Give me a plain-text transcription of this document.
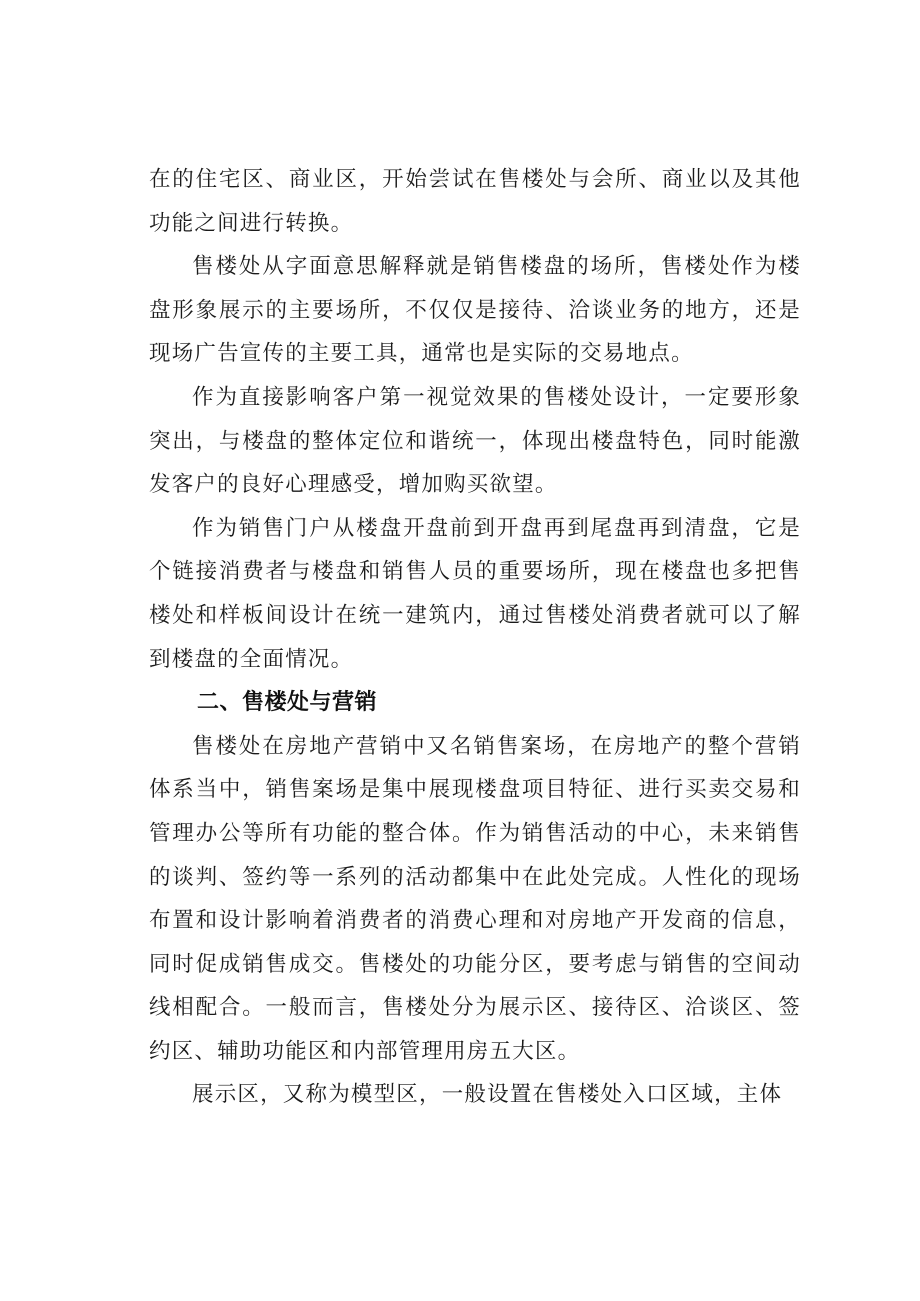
在的住宅区、商业区，开始尝试在售楼处与会所、商业以及其他功能之间进行转换。

售楼处从字面意思解释就是销售楼盘的场所，售楼处作为楼盘形象展示的主要场所，不仅仅是接待、洽谈业务的地方，还是现场广告宣传的主要工具，通常也是实际的交易地点。

作为直接影响客户第一视觉效果的售楼处设计，一定要形象突出，与楼盘的整体定位和谐统一，体现出楼盘特色，同时能激发客户的良好心理感受，增加购买欲望。

作为销售门户从楼盘开盘前到开盘再到尾盘再到清盘，它是个链接消费者与楼盘和销售人员的重要场所，现在楼盘也多把售楼处和样板间设计在统一建筑内，通过售楼处消费者就可以了解到楼盘的全面情况。

二、售楼处与营销

售楼处在房地产营销中又名销售案场，在房地产的整个营销体系当中，销售案场是集中展现楼盘项目特征、进行买卖交易和管理办公等所有功能的整合体。作为销售活动的中心，未来销售的谈判、签约等一系列的活动都集中在此处完成。人性化的现场布置和设计影响着消费者的消费心理和对房地产开发商的信息，同时促成销售成交。售楼处的功能分区，要考虑与销售的空间动线相配合。一般而言，售楼处分为展示区、接待区、洽谈区、签约区、辅助功能区和内部管理用房五大区。

展示区，又称为模型区，一般设置在售楼处入口区域，主体
